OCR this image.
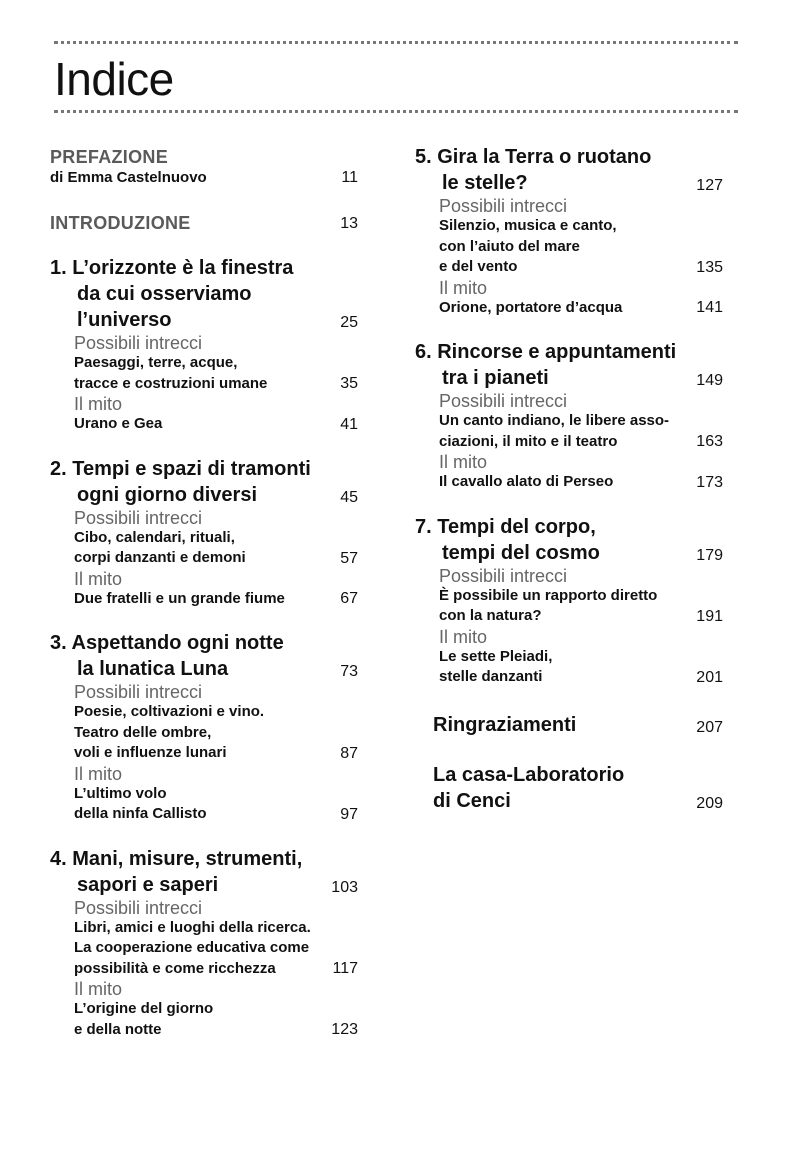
Indice
PREFAZIONE
di Emma Castelnuovo	11
INTRODUZIONE	13
1. L’orizzonte è la finestra
da cui osserviamo
l’universo	25
Possibili intrecci
Paesaggi, terre, acque,
tracce e costruzioni umane	35
Il mito
Urano e Gea	41
2. Tempi e spazi di tramonti
ogni giorno diversi	45
Possibili intrecci
Cibo, calendari, rituali,
corpi danzanti e demoni	57
Il mito
Due fratelli e un grande fiume	67
3. Aspettando ogni notte
la lunatica Luna	73
Possibili intrecci
Poesie, coltivazioni e vino.
Teatro delle ombre,
voli e influenze lunari	87
Il mito
L’ultimo volo
della ninfa Callisto	97
4. Mani, misure, strumenti,
sapori e saperi	103
Possibili intrecci
Libri, amici e luoghi della ricerca.
La cooperazione educativa come
possibilità e come ricchezza	117
Il mito
L’origine del giorno
e della notte	123
5. Gira la Terra o ruotano
le stelle?	127
Possibili intrecci
Silenzio, musica e canto,
con l’aiuto del mare
e del vento	135
Il mito
Orione, portatore d’acqua	141
6. Rincorse e appuntamenti
tra i pianeti	149
Possibili intrecci
Un canto indiano, le libere asso-
ciazioni, il mito e il teatro	163
Il mito
Il cavallo alato di Perseo	173
7. Tempi del corpo,
tempi del cosmo	179
Possibili intrecci
È possibile un rapporto diretto
con la natura?	191
Il mito
Le sette Pleiadi,
stelle danzanti	201
Ringraziamenti	207
La casa-Laboratorio
di Cenci	209
